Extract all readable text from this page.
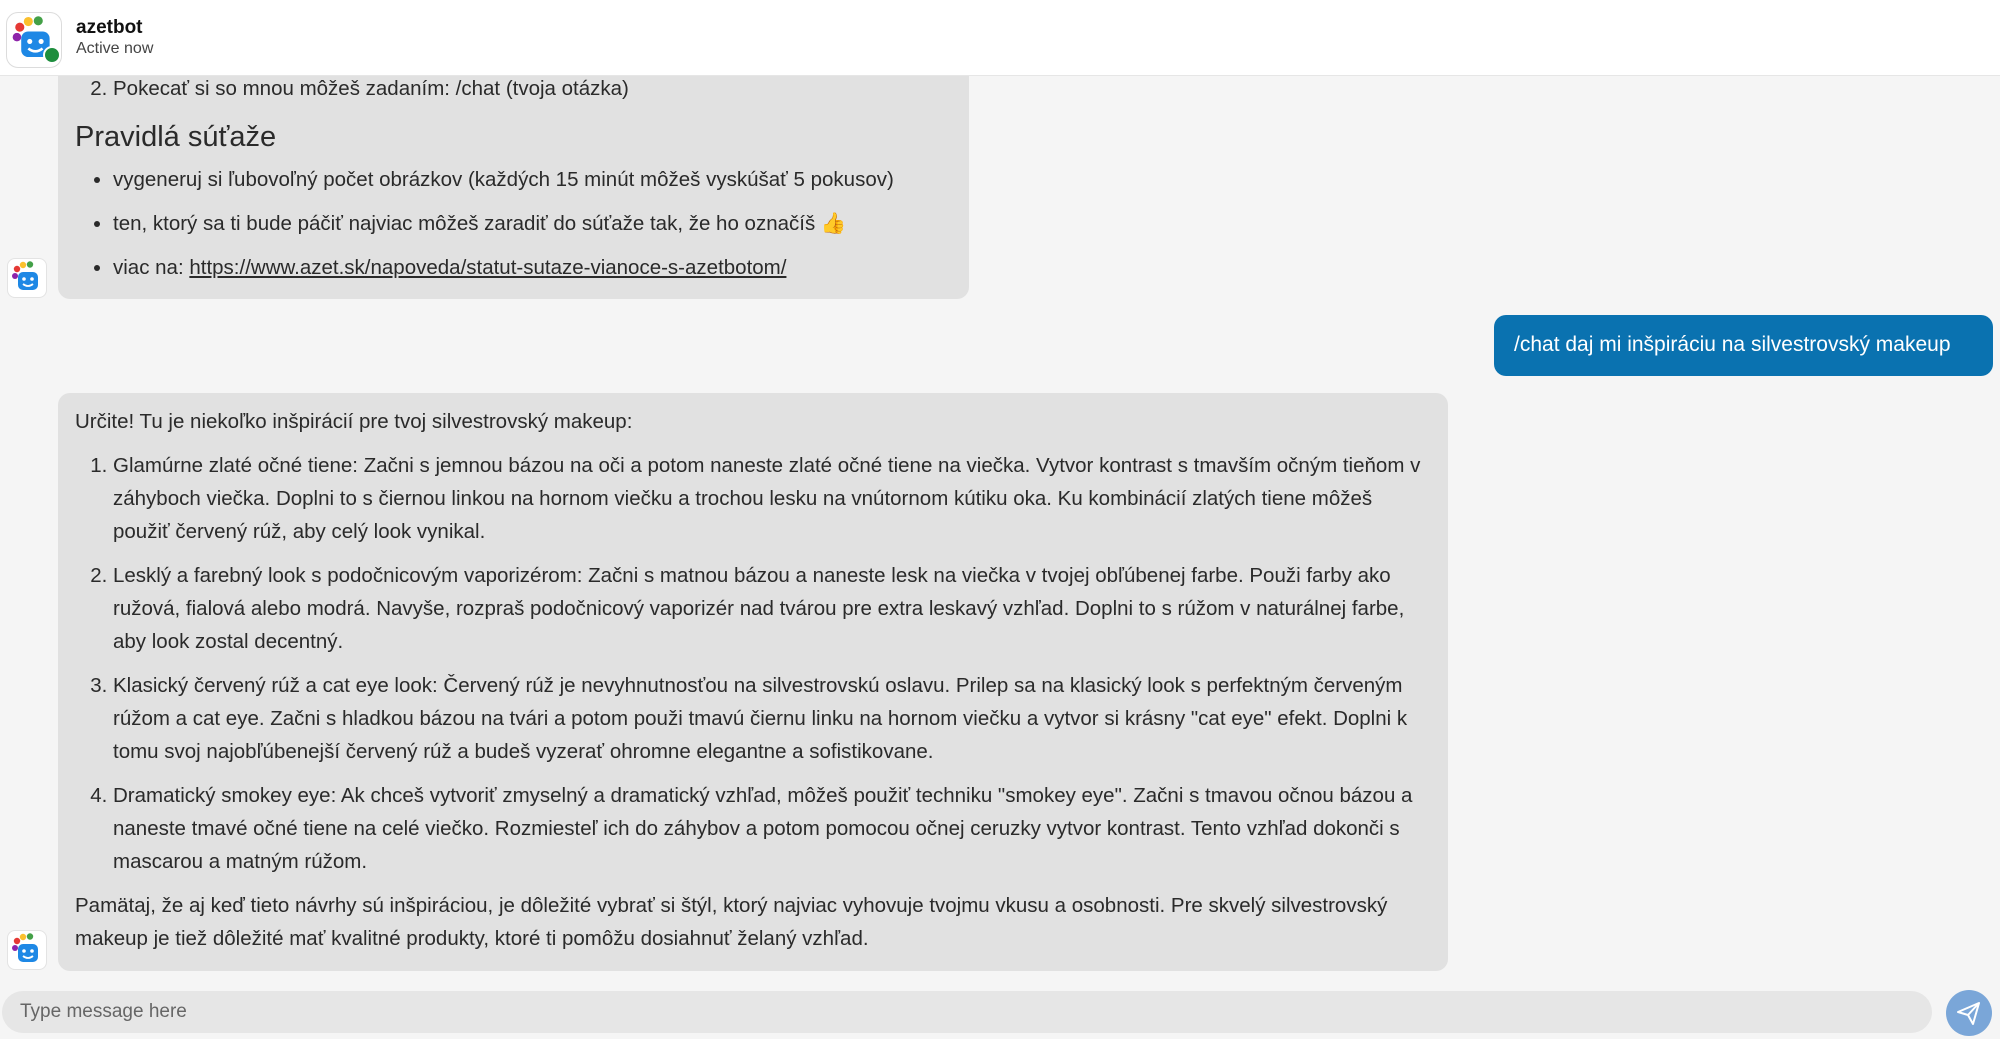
2. Pokecať si so mnou môžeš zadaním: /chat (tvoja otázka)
Pravidlá súťaže
• vygeneruj si ľubovoľný počet obrázkov (každých 15 minút môžeš vyskúšať 5 pokusov)
• ten, ktorý sa ti bude páčiť najviac môžeš zaradiť do súťaže tak, že ho označíš 👍
• viac na: https://www.azet.sk/napoveda/statut-sutaze-vianoce-s-azetbotom/
/chat daj mi inšpiráciu na silvestrovský makeup

Určite! Tu je niekoľko inšpirácií pre tvoj silvestrovský makeup:

1. Glamúrne zlaté očné tiene: Začni s jemnou bázou na oči a potom naneste zlaté očné tiene na viečka. Vytvor kontrast s tmavším očným tieňom v záhyboch viečka. Doplni to s čiernou linkou na hornom viečku a trochou lesku na vnútornom kútiku oka. Ku kombinácií zlatých tiene môžeš použiť červený rúž, aby celý look vynikal.
2. Lesklý a farebný look s podočnicovým vaporizérom: Začni s matnou bázou a naneste lesk na viečka v tvojej obľúbenej farbe. Použi farby ako ružová, fialová alebo modrá. Navyše, rozpraš podočnicový vaporizér nad tvárou pre extra leskavý vzhľad. Doplni to s rúžom v naturálnej farbe, aby look zostal decentný.
3. Klasický červený rúž a cat eye look: Červený rúž je nevyhnutnosťou na silvestrovskú oslavu. Prilep sa na klasický look s perfektným červeným rúžom a cat eye. Začni s hladkou bázou na tvári a potom použi tmavú čiernu linku na hornom viečku a vytvor si krásny "cat eye" efekt. Doplni k tomu svoj najobľúbenejší červený rúž a budeš vyzerať ohromne elegantne a sofistikovane.
4. Dramatický smokey eye: Ak chceš vytvoriť zmyselný a dramatický vzhľad, môžeš použiť techniku "smokey eye". Začni s tmavou očnou bázou a naneste tmavé očné tiene na celé viečko. Rozmiesteľ ich do záhybov a potom pomocou očnej ceruzky vytvor kontrast. Tento vzhľad dokonči s mascarou a matným rúžom.

Pamätaj, že aj keď tieto návrhy sú inšpiráciou, je dôležité vybrať si štýl, ktorý najviac vyhovuje tvojmu vkusu a osobnosti. Pre skvelý silvestrovský makeup je tiež dôležité mať kvalitné produkty, ktoré ti pomôžu dosiahnuť želaný vzhľad.

azetbot
Active now
Type message here
